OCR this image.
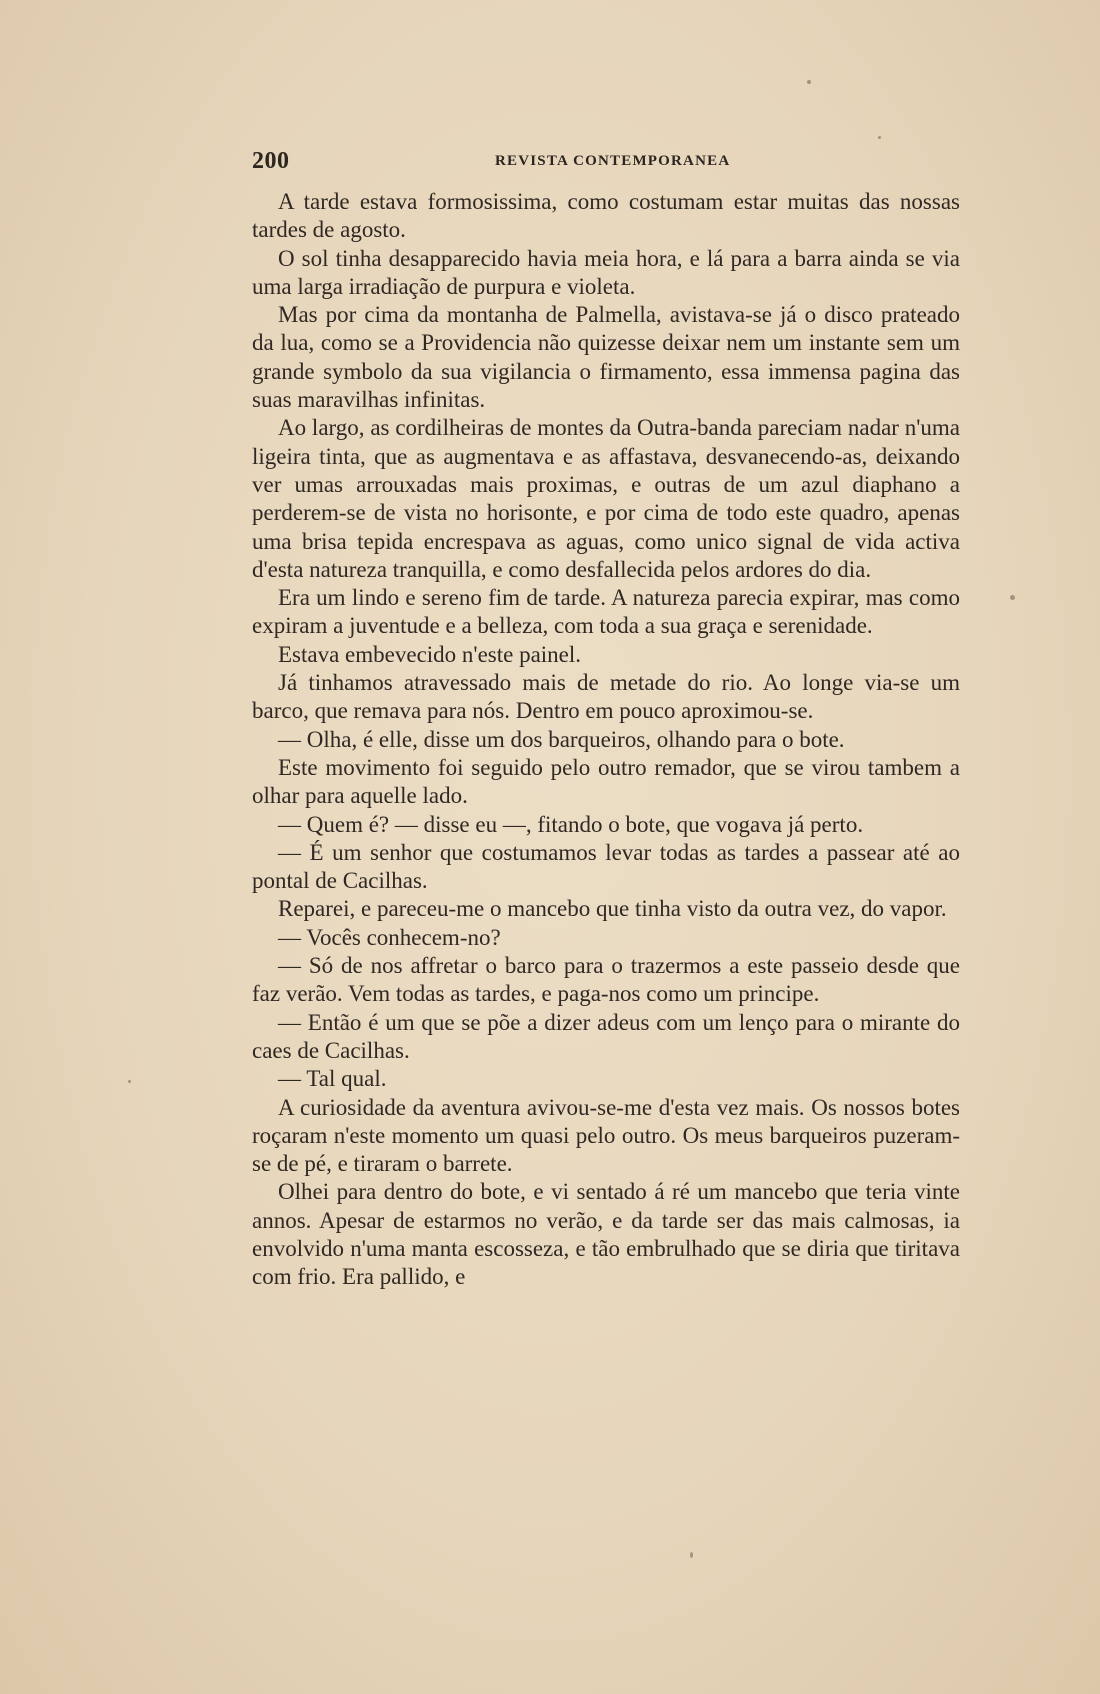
200	REVISTA CONTEMPORANEA

A tarde estava formosissima, como costumam estar muitas das nossas tardes de agosto.

O sol tinha desapparecido havia meia hora, e lá para a barra ainda se via uma larga irradiação de purpura e violeta.

Mas por cima da montanha de Palmella, avistava-se já o disco prateado da lua, como se a Providencia não quizesse deixar nem um instante sem um grande symbolo da sua vigilancia o firmamento, essa immensa pagina das suas maravilhas infinitas.

Ao largo, as cordilheiras de montes da Outra-banda pareciam nadar n'uma ligeira tinta, que as augmentava e as affastava, desvanecendo-as, deixando ver umas arrouxadas mais proximas, e outras de um azul diaphano a perderem-se de vista no horisonte, e por cima de todo este quadro, apenas uma brisa tepida encrespava as aguas, como unico signal de vida activa d'esta natureza tranquilla, e como desfallecida pelos ardores do dia.

Era um lindo e sereno fim de tarde. A natureza parecia expirar, mas como expiram a juventude e a belleza, com toda a sua graça e serenidade.

Estava embevecido n'este painel.

Já tinhamos atravessado mais de metade do rio. Ao longe via-se um barco, que remava para nós. Dentro em pouco aproximou-se.

— Olha, é elle, disse um dos barqueiros, olhando para o bote.

Este movimento foi seguido pelo outro remador, que se virou tambem a olhar para aquelle lado.

— Quem é? — disse eu —, fitando o bote, que vogava já perto.

— É um senhor que costumamos levar todas as tardes a passear até ao pontal de Cacilhas.

Reparei, e pareceu-me o mancebo que tinha visto da outra vez, do vapor.

— Vocês conhecem-no?

— Só de nos affretar o barco para o trazermos a este passeio desde que faz verão. Vem todas as tardes, e paga-nos como um principe.

— Então é um que se põe a dizer adeus com um lenço para o mirante do caes de Cacilhas.

— Tal qual.

A curiosidade da aventura avivou-se-me d'esta vez mais. Os nossos botes roçaram n'este momento um quasi pelo outro. Os meus barqueiros puzeram-se de pé, e tiraram o barrete.

Olhei para dentro do bote, e vi sentado á ré um mancebo que teria vinte annos. Apesar de estarmos no verão, e da tarde ser das mais calmosas, ia envolvido n'uma manta escosseza, e tão embrulhado que se diria que tiritava com frio. Era pallido, e
